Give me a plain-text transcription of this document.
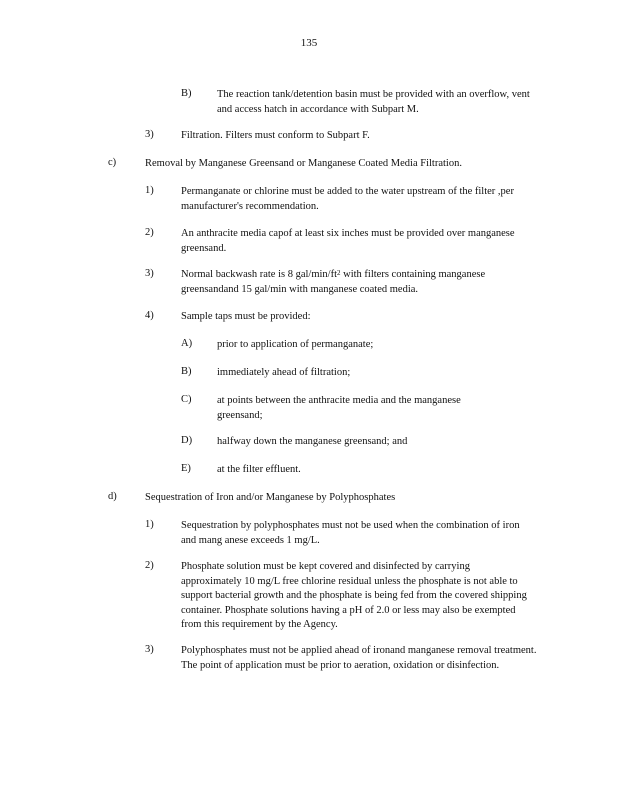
135
B) The reaction tank/detention basin must be provided with an overflow, vent and access hatch in accordance with Subpart M.
3)	Filtration. Filters must conform to Subpart F.
c)	Removal by Manganese Greensand or Manganese Coated Media Filtration.
1)	Permanganate or chlorine must be added to the water upstream of the filter ,per manufacturer's recommendation.
2)	An anthracite media capof at least six inches must be provided over manganese greensand.
3)	Normal backwash rate is 8 gal/$\min/ft^2$ with filters containing manganese greensandand 15 gal/min with manganese coated media.
4)	Sample taps must be provided:
A) prior to application of permanganate;
B) immediately ahead of filtration;
C) at points between the anthracite media and the manganese greensand;
D) halfway down the manganese greensand; and
E) at the filter effluent.
d)	Sequestration of Iron and/or Manganese by Polyphosphates
1)	Sequestration by polyphosphates must not be used when the combination of iron and mang anese exceeds 1 mg/L.
2)	Phosphate solution must be kept covered and disinfected by carrying approximately 10 mg/L free chlorine residual unless the phosphate is not able to support bacterial growth and the phosphate is being fed from the covered shipping container. Phosphate solutions having a pH of 2.0 or less may also be exempted from this requirement by the Agency.
3)	Polyphosphates must not be applied ahead of ironand manganese removal treatment. The point of application must be prior to aeration, oxidation or disinfection.
